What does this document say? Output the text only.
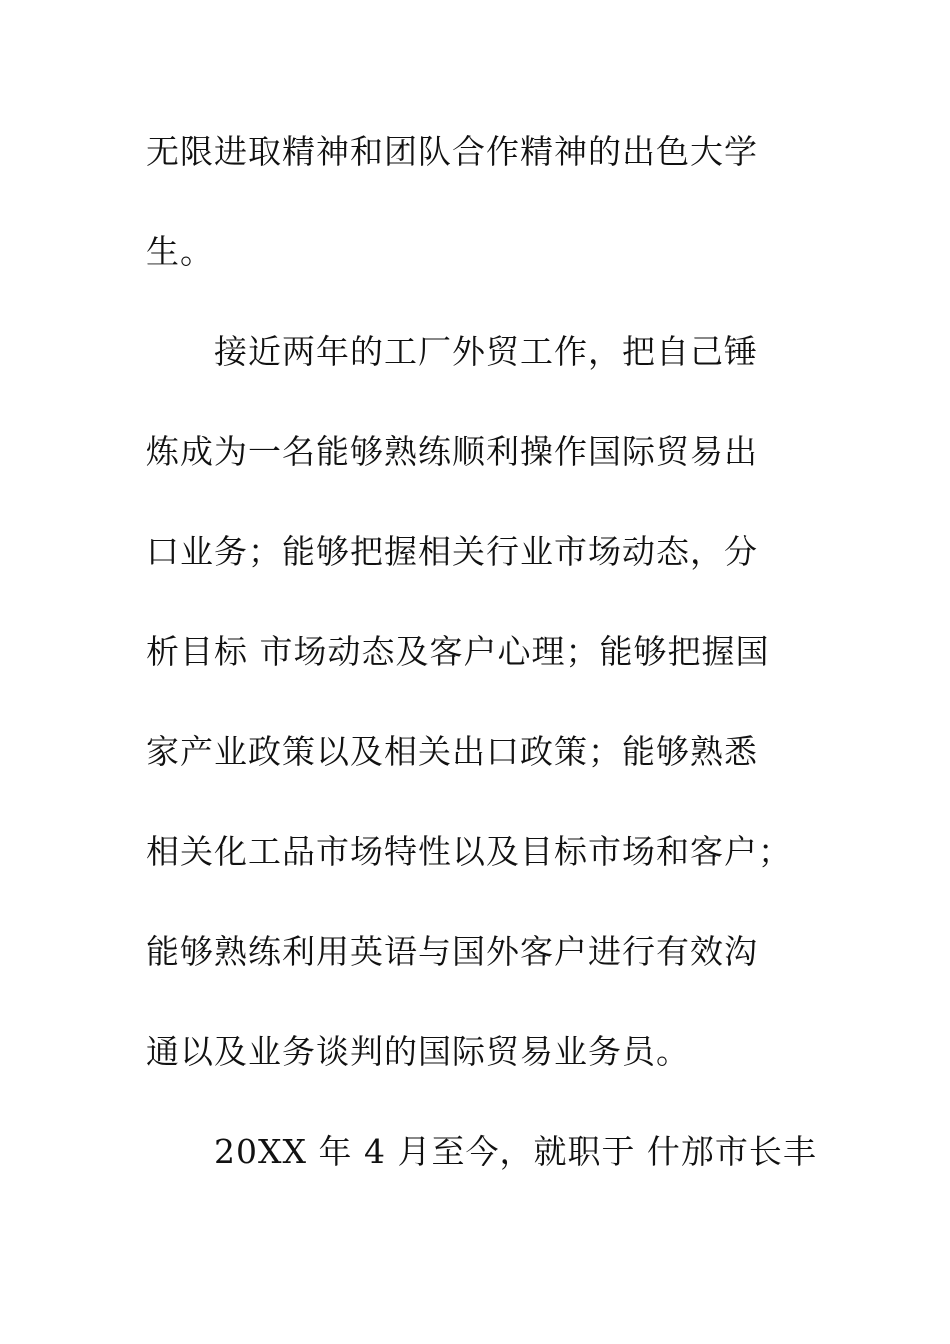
无限进取精神和团队合作精神的出色大学

生。

接近两年的工厂外贸工作，把自己锤

炼成为一名能够熟练顺利操作国际贸易出

口业务；能够把握相关行业市场动态，分

析目标 市场动态及客户心理；能够把握国

家产业政策以及相关出口政策；能够熟悉

相关化工品市场特性以及目标市场和客户；

能够熟练利用英语与国外客户进行有效沟

通以及业务谈判的国际贸易业务员。

20XX 年 4 月至今，就职于 什邡市长丰
